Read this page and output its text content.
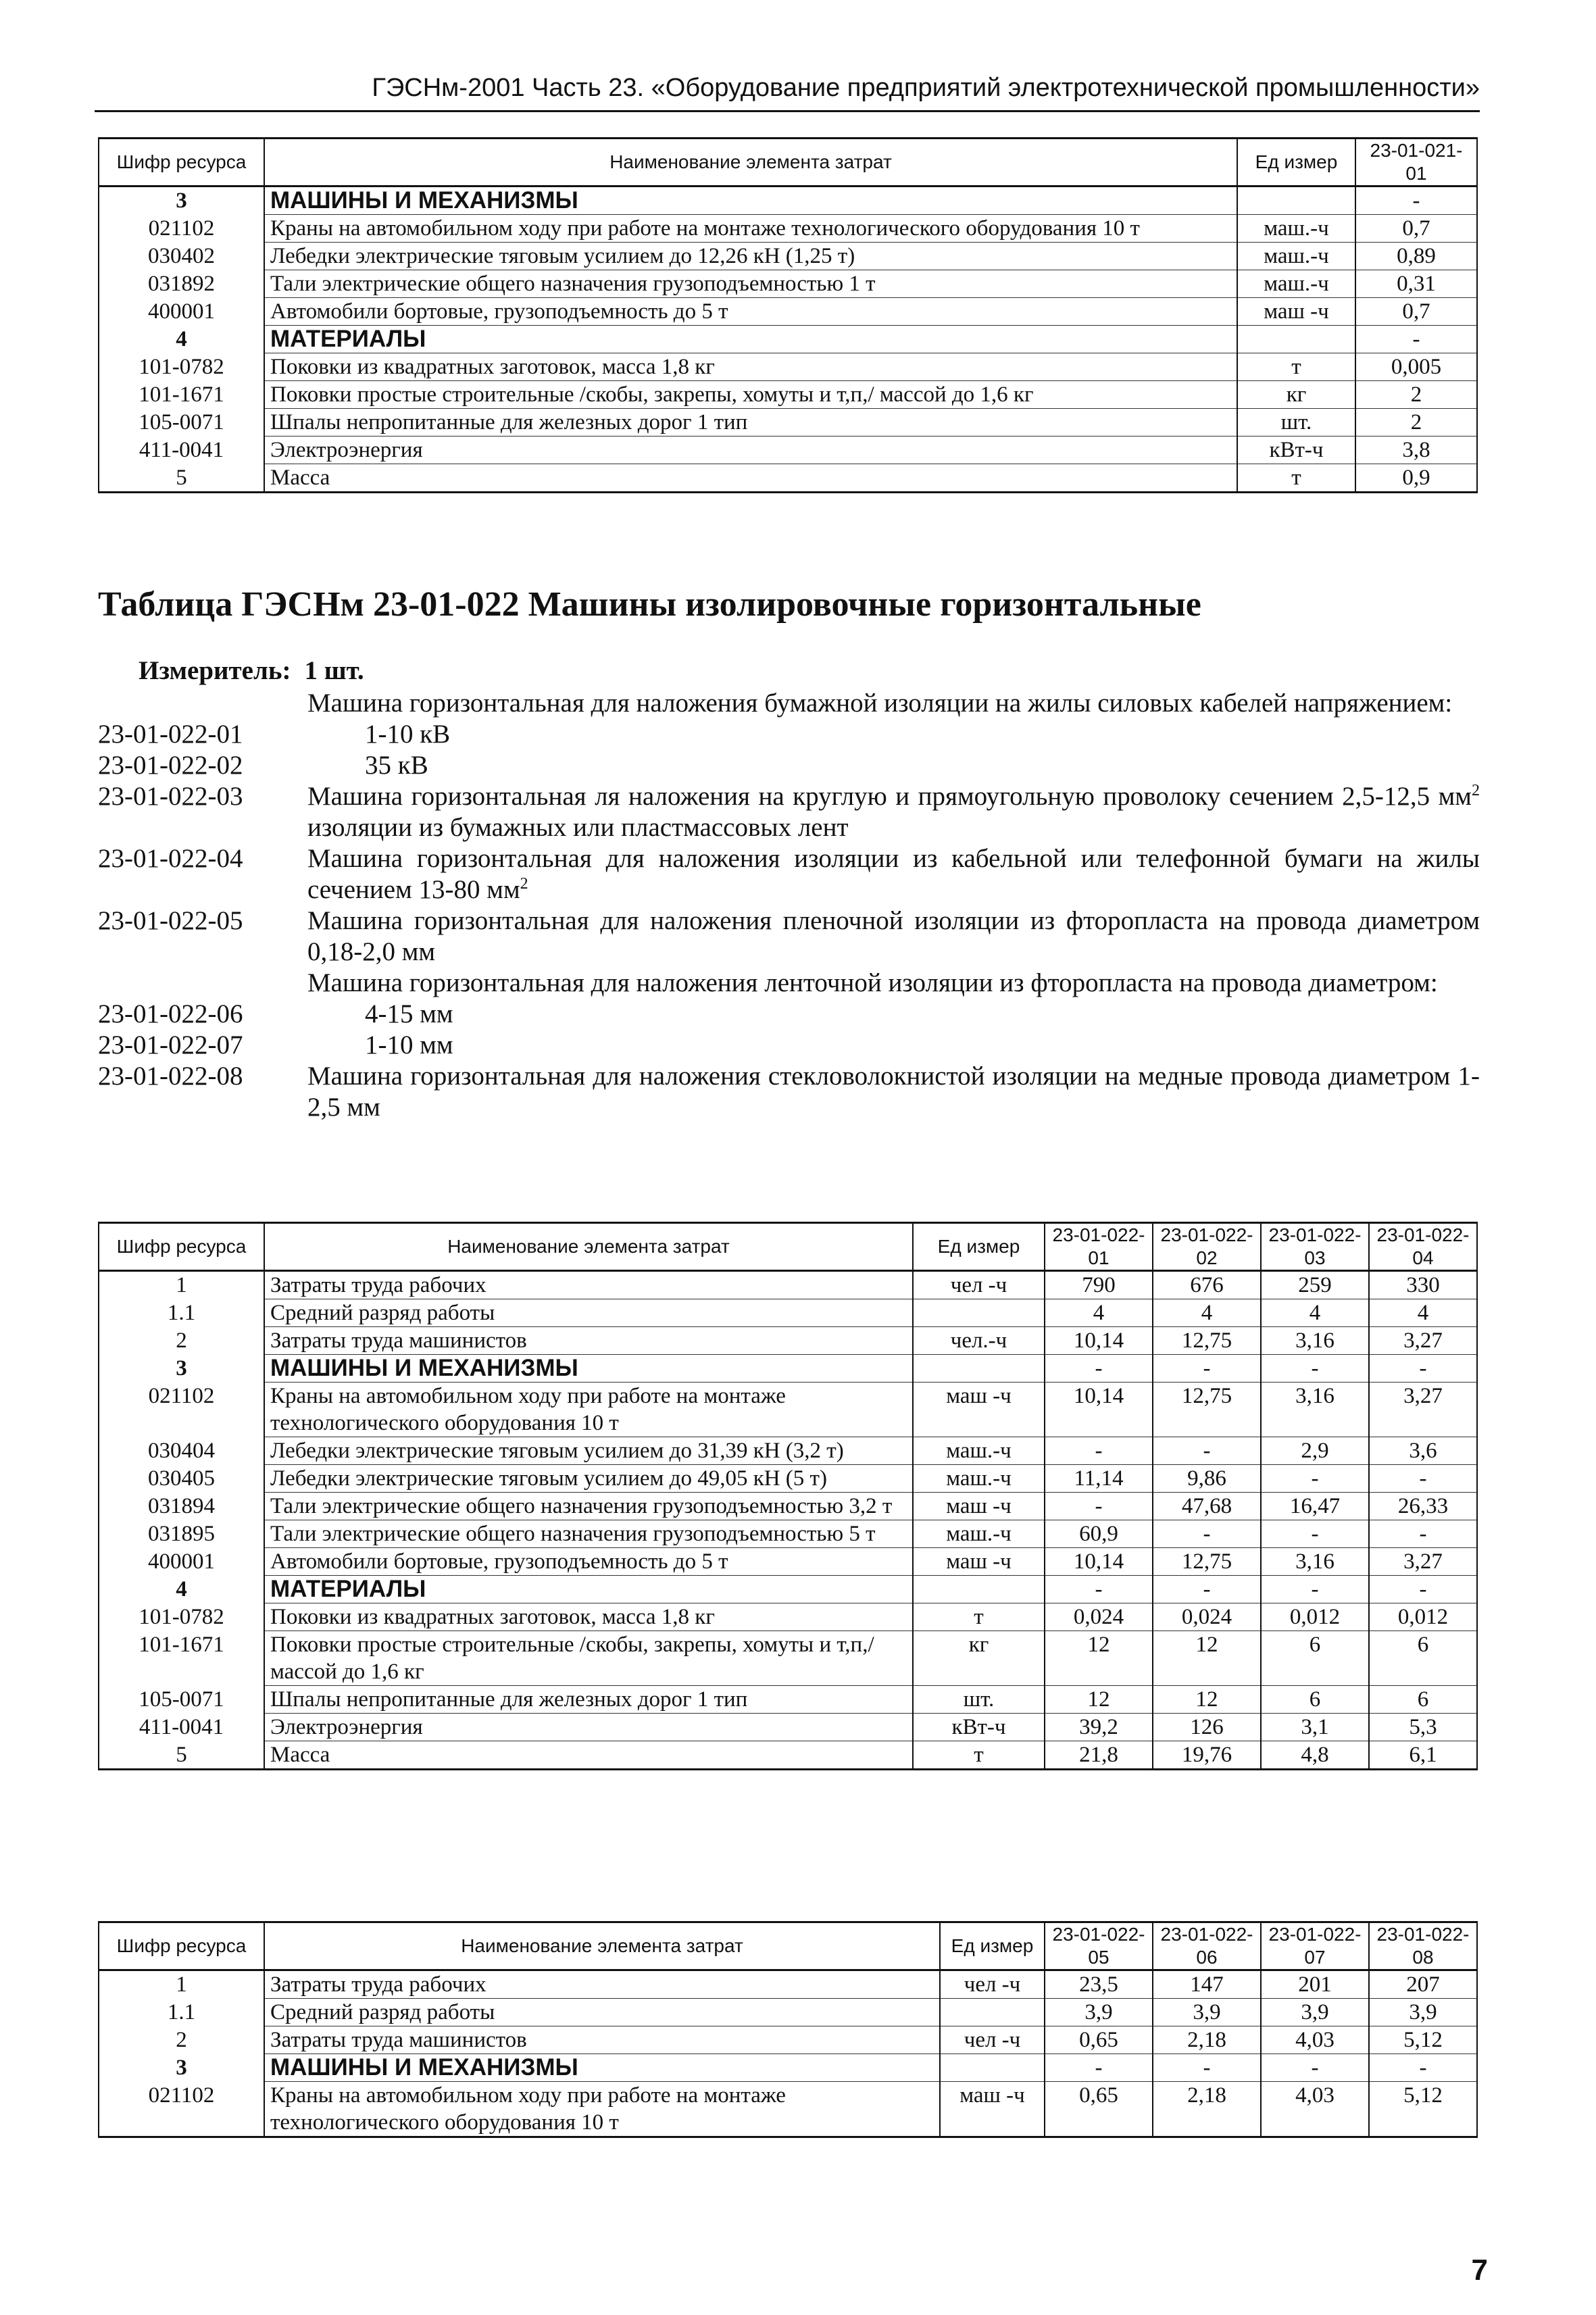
ГЭСНм-2001 Часть 23. «Оборудование предприятий электротехнической промышленности»
Шифр ресурса	Наименование элемента затрат	Ед измер	23-01-021-01
3	МАШИНЫ И МЕХАНИЗМЫ		-
021102	Краны на автомобильном ходу при работе на монтаже технологического оборудования 10 т	маш.-ч	0,7
030402	Лебедки электрические тяговым усилием до 12,26 кН (1,25 т)	маш.-ч	0,89
031892	Тали электрические общего назначения грузоподъемностью 1 т	маш.-ч	0,31
400001	Автомобили бортовые, грузоподъемность до 5 т	маш -ч	0,7
4	МАТЕРИАЛЫ		-
101-0782	Поковки из квадратных заготовок, масса 1,8 кг	т	0,005
101-1671	Поковки простые строительные /скобы, закрепы, хомуты и т,п,/ массой до 1,6 кг	кг	2
105-0071	Шпалы непропитанные для железных дорог 1 тип	шт.	2
411-0041	Электроэнергия	кВт-ч	3,8
5	Масса	т	0,9
Таблица ГЭСНм 23-01-022 Машины изолировочные горизонтальные
Измеритель: 1 шт.
Машина горизонтальная для наложения бумажной изоляции на жилы силовых кабелей напряжением:
23-01-022-01	1-10 кВ
23-01-022-02	35 кВ
23-01-022-03	Машина горизонтальная ля наложения на круглую и прямоугольную проволоку сечением 2,5-12,5 $мм^2$ изоляции из бумажных или пластмассовых лент
23-01-022-04	Машина горизонтальная для наложения изоляции из кабельной или телефонной бумаги на жилы сечением 13-80 $мм^2$
23-01-022-05	Машина горизонтальная для наложения пленочной изоляции из фторопласта на провода диаметром 0,18-2,0 мм
Машина горизонтальная для наложения ленточной изоляции из фторопласта на провода диаметром:
23-01-022-06	4-15 мм
23-01-022-07	1-10 мм
23-01-022-08	Машина горизонтальная для наложения стекловолокнистой изоляции на медные провода диаметром 1-2,5 мм
Шифр ресурса	Наименование элемента затрат	Ед измер	23-01-022-01	23-01-022-02	23-01-022-03	23-01-022-04
1	Затраты труда рабочих	чел -ч	790	676	259	330
1.1	Средний разряд работы		4	4	4	4
2	Затраты труда машинистов	чел.-ч	10,14	12,75	3,16	3,27
3	МАШИНЫ И МЕХАНИЗМЫ		-	-	-	-
021102	Краны на автомобильном ходу при работе на монтаже технологического оборудования 10 т	маш -ч	10,14	12,75	3,16	3,27
030404	Лебедки электрические тяговым усилием до 31,39 кН (3,2 т)	маш.-ч	-	-	2,9	3,6
030405	Лебедки электрические тяговым усилием до 49,05 кН (5 т)	маш.-ч	11,14	9,86	-	-
031894	Тали электрические общего назначения грузоподъемностью 3,2 т	маш -ч	-	47,68	16,47	26,33
031895	Тали электрические общего назначения грузоподъемностью 5 т	маш.-ч	60,9	-	-	-
400001	Автомобили бортовые, грузоподъемность до 5 т	маш -ч	10,14	12,75	3,16	3,27
4	МАТЕРИАЛЫ		-	-	-	-
101-0782	Поковки из квадратных заготовок, масса 1,8 кг	т	0,024	0,024	0,012	0,012
101-1671	Поковки простые строительные /скобы, закрепы, хомуты и т,п,/ массой до 1,6 кг	кг	12	12	6	6
105-0071	Шпалы непропитанные для железных дорог 1 тип	шт.	12	12	6	6
411-0041	Электроэнергия	кВт-ч	39,2	126	3,1	5,3
5	Масса	т	21,8	19,76	4,8	6,1
Шифр ресурса	Наименование элемента затрат	Ед измер	23-01-022-05	23-01-022-06	23-01-022-07	23-01-022-08
1	Затраты труда рабочих	чел -ч	23,5	147	201	207
1.1	Средний разряд работы		3,9	3,9	3,9	3,9
2	Затраты труда машинистов	чел -ч	0,65	2,18	4,03	5,12
3	МАШИНЫ И МЕХАНИЗМЫ		-	-	-	-
021102	Краны на автомобильном ходу при работе на монтаже технологического оборудования 10 т	маш -ч	0,65	2,18	4,03	5,12
7
